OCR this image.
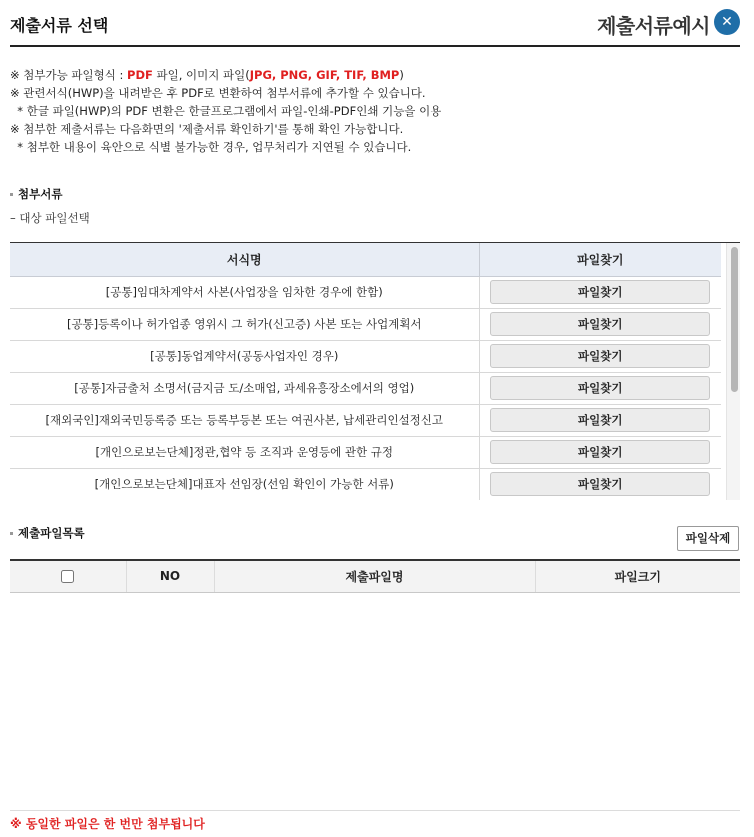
제출서류 선택	제출서류예시 ✕
※ 첨부가능 파일형식 : PDF 파일, 이미지 파일(JPG, PNG, GIF, TIF, BMP)
※ 관련서식(HWP)을 내려받은 후 PDF로 변환하여 첨부서류에 추가할 수 있습니다.
* 한글 파일(HWP)의 PDF 변환은 한글프로그램에서 파일-인쇄-PDF인쇄 기능을 이용
※ 첨부한 제출서류는 다음화면의 '제출서류 확인하기'를 통해 확인 가능합니다.
* 첨부한 내용이 육안으로 식별 불가능한 경우, 업무처리가 지연될 수 있습니다.
첨부서류
– 대상 파일선택
서식명	파일찾기
[공통]임대차계약서 사본(사업장을 임차한 경우에 한함)	파일찾기
[공통]등록이나 허가업종 영위시 그 허가(신고증) 사본 또는 사업계획서	파일찾기
[공통]동업계약서(공동사업자인 경우)	파일찾기
[공통]자금출처 소명서(금지금 도/소매업, 과세유흥장소에서의 영업)	파일찾기
[재외국인]재외국민등록증 또는 등록부등본 또는 여권사본, 납세관리인설정신고	파일찾기
[개인으로보는단체]정관,협약 등 조직과 운영등에 관한 규정	파일찾기
[개인으로보는단체]대표자 선임장(선임 확인이 가능한 서류)	파일찾기
제출파일목록	파일삭제
	NO	제출파일명	파일크기
※ 동일한 파일은 한 번만 첨부됩니다
